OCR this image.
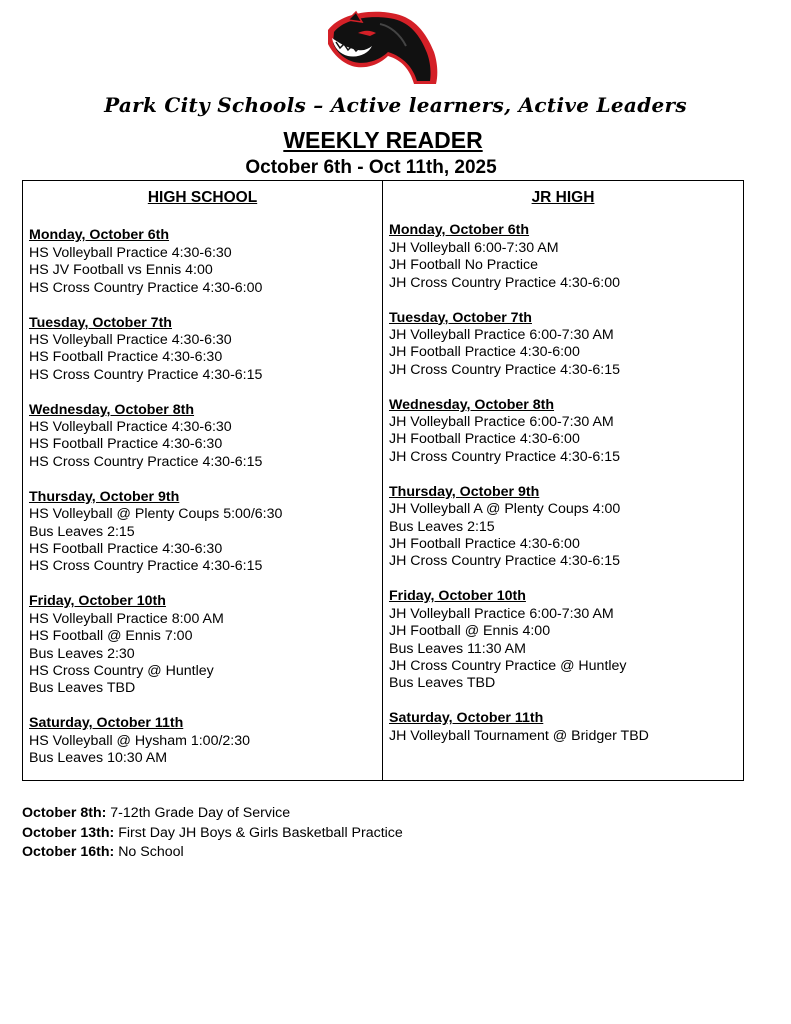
Park City Schools – Active learners, Active Leaders
WEEKLY READER
October 6th - Oct 11th, 2025
HIGH SCHOOL
Monday, October 6th
HS Volleyball Practice 4:30-6:30
HS JV Football vs Ennis 4:00
HS Cross Country Practice 4:30-6:00
Tuesday, October 7th
HS Volleyball Practice 4:30-6:30
HS Football Practice 4:30-6:30
HS Cross Country Practice 4:30-6:15
Wednesday, October 8th
HS Volleyball Practice 4:30-6:30
HS Football Practice 4:30-6:30
HS Cross Country Practice 4:30-6:15
Thursday, October 9th
HS Volleyball @ Plenty Coups 5:00/6:30
Bus Leaves 2:15
HS Football Practice 4:30-6:30
HS Cross Country Practice 4:30-6:15
Friday, October 10th
HS Volleyball Practice 8:00 AM
HS Football @ Ennis 7:00
Bus Leaves 2:30
HS Cross Country @ Huntley
Bus Leaves TBD
Saturday, October 11th
HS Volleyball @ Hysham 1:00/2:30
Bus Leaves 10:30 AM
JR HIGH
Monday, October 6th
JH Volleyball 6:00-7:30 AM
JH Football No Practice
JH Cross Country Practice 4:30-6:00
Tuesday, October 7th
JH Volleyball Practice 6:00-7:30 AM
JH Football Practice 4:30-6:00
JH Cross Country Practice 4:30-6:15
Wednesday, October 8th
JH Volleyball Practice 6:00-7:30 AM
JH Football Practice 4:30-6:00
JH Cross Country Practice 4:30-6:15
Thursday, October 9th
JH Volleyball A @ Plenty Coups 4:00
Bus Leaves 2:15
JH Football Practice 4:30-6:00
JH Cross Country Practice 4:30-6:15
Friday, October 10th
JH Volleyball Practice 6:00-7:30 AM
JH Football @ Ennis 4:00
Bus Leaves 11:30 AM
JH Cross Country Practice @ Huntley
Bus Leaves TBD
Saturday, October 11th
JH Volleyball Tournament @ Bridger TBD
October 8th: 7-12th Grade Day of Service
October 13th: First Day JH Boys & Girls Basketball Practice
October 16th: No School
